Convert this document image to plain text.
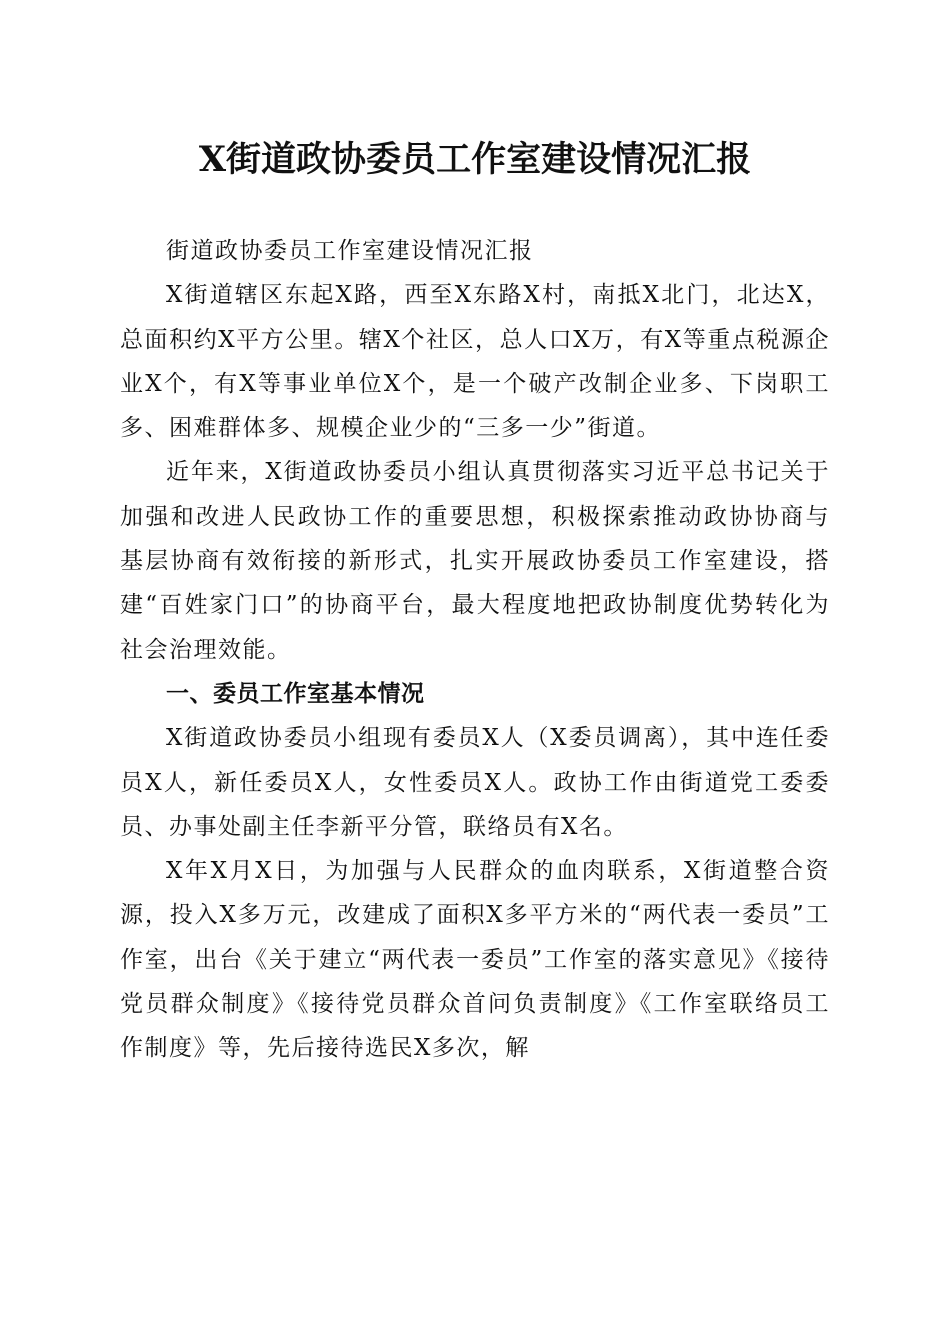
X街道政协委员工作室建设情况汇报

街道政协委员工作室建设情况汇报

X街道辖区东起X路，西至X东路X村，南抵X北门，北达X，总面积约X平方公里。辖X个社区，总人口X万，有X等重点税源企业X个，有X等事业单位X个，是一个破产改制企业多、下岗职工多、困难群体多、规模企业少的“三多一少”街道。

近年来，X街道政协委员小组认真贯彻落实习近平总书记关于加强和改进人民政协工作的重要思想，积极探索推动政协协商与基层协商有效衔接的新形式，扎实开展政协委员工作室建设，搭建“百姓家门口”的协商平台，最大程度地把政协制度优势转化为社会治理效能。

一、委员工作室基本情况

X街道政协委员小组现有委员X人（X委员调离），其中连任委员X人，新任委员X人，女性委员X人。政协工作由街道党工委委员、办事处副主任李新平分管，联络员有X名。

X年X月X日，为加强与人民群众的血肉联系，X街道整合资源，投入X多万元，改建成了面积X多平方米的“两代表一委员”工作室，出台《关于建立“两代表一委员”工作室的落实意见》《接待党员群众制度》《接待党员群众首问负责制度》《工作室联络员工作制度》等，先后接待选民X多次，解
